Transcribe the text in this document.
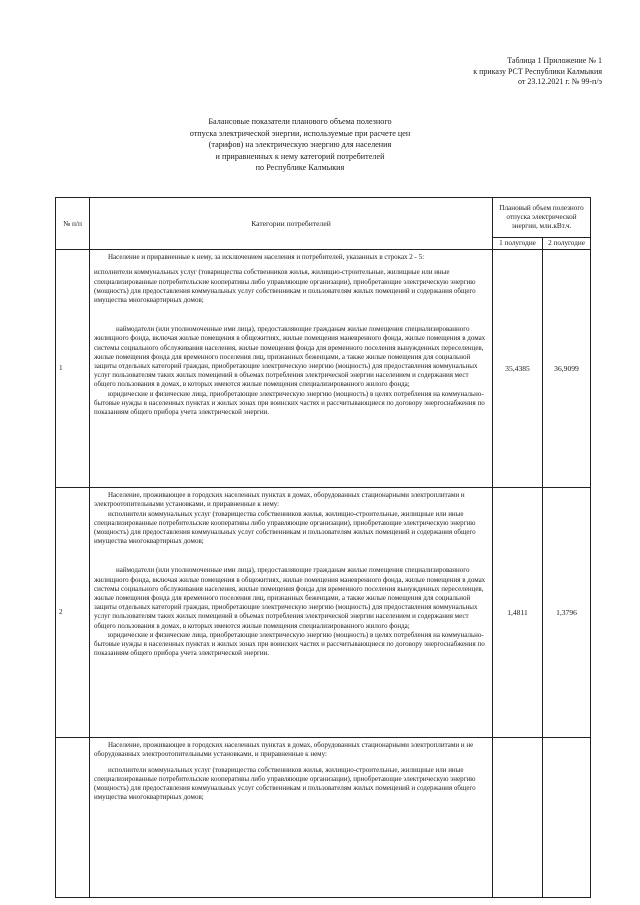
Таблица 1 Приложение № 1
к приказу РСТ Республики Калмыкия
от 23.12.2021 г. № 99-п/э
Балансовые показатели планового объема полезного
отпуска электрической энергии, используемые при расчете цен
(тарифов) на электрическую энергию для населения
и приравненных к нему категорий потребителей
по Республике Калмыкия
№ п/п	Категории потребителей	Плановый объем полезного отпуска электрической энергии, млн.кВт.ч.	
		1 полугодие	2 полугодие
1	Население и приравненные к нему, за исключением населения и потребителей, указанных в строках 2 - 5:

исполнители коммунальных услуг (товарищества собственников жилья, жилищно-строительные, жилищные или иные специализированные потребительские кооперативы либо управляющие организации), приобретающие электрическую энергию (мощность) для предоставления коммунальных услуг собственникам и пользователям жилых помещений и содержания общего имущества многоквартирных домов;

наймодатели (или уполномоченные ими лица), предоставляющие гражданам жилые помещения специализированного жилищного фонда, включая жилые помещения в общежитиях, жилые помещения маневренного фонда, жилые помещения в домах системы социального обслуживания населения, жилые помещения фонда для временного поселения вынужденных переселенцев, жилые помещения фонда для временного поселения лиц, признанных беженцами, а также жилые помещения для социальной защиты отдельных категорий граждан, приобретающие электрическую энергию (мощность) для предоставления коммунальных услуг пользователям таких жилых помещений в объемах потребления электрической энергии населением и содержания мест общего пользования в домах, в которых имеются жилые помещения специализированного жилого фонда;

юридические и физические лица, приобретающие электрическую энергию (мощность) в целях потребления на коммунально-бытовые нужды в населенных пунктах и жилых зонах при воинских частях и рассчитывающиеся по договору энергоснабжения по показаниям общего прибора учета электрической энергии.	35,4385	36,9099
2	Население, проживающее в городских населенных пунктах в домах, оборудованных стационарными электроплитами и электроотопительными установками, и приравненные к нему:

исполнители коммунальных услуг (товарищества собственников жилья, жилищно-строительные, жилищные или иные специализированные потребительские кооперативы либо управляющие организации), приобретающие электрическую энергию (мощность) для предоставления коммунальных услуг собственникам и пользователям жилых помещений и содержания общего имущества многоквартирных домов;

наймодатели (или уполномоченные ими лица), предоставляющие гражданам жилые помещения специализированного жилищного фонда, включая жилые помещения в общежитиях, жилые помещения маневренного фонда, жилые помещения в домах системы социального обслуживания населения, жилые помещения фонда для временного поселения вынужденных переселенцев, жилые помещения фонда для временного поселения лиц, признанных беженцами, а также жилые помещения для социальной защиты отдельных категорий граждан, приобретающие электрическую энергию (мощность) для предоставления коммунальных услуг пользователям таких жилых помещений в объемах потребления электрической энергии населением и содержания мест общего пользования в домах, в которых имеются жилые помещения специализированного жилого фонда;

юридические и физические лица, приобретающие электрическую энергию (мощность) в целях потребления на коммунально-бытовые нужды в населенных пунктах и жилых зонах при воинских частях и рассчитывающиеся по договору энергоснабжения по показаниям общего прибора учета электрической энергии.	1,4811	1,3796

	Население, проживающее в городских населенных пунктах в домах, оборудованных стационарными электроплитами и не оборудованных электроотопительными установками, и приравненные к нему:

исполнители коммунальных услуг (товарищества собственников жилья, жилищно-строительные, жилищные или иные специализированные потребительские кооперативы либо управляющие организации), приобретающие электрическую энергию (мощность) для предоставления коммунальных услуг собственникам и пользователям жилых помещений и содержания общего имущества многоквартирных домов;		
